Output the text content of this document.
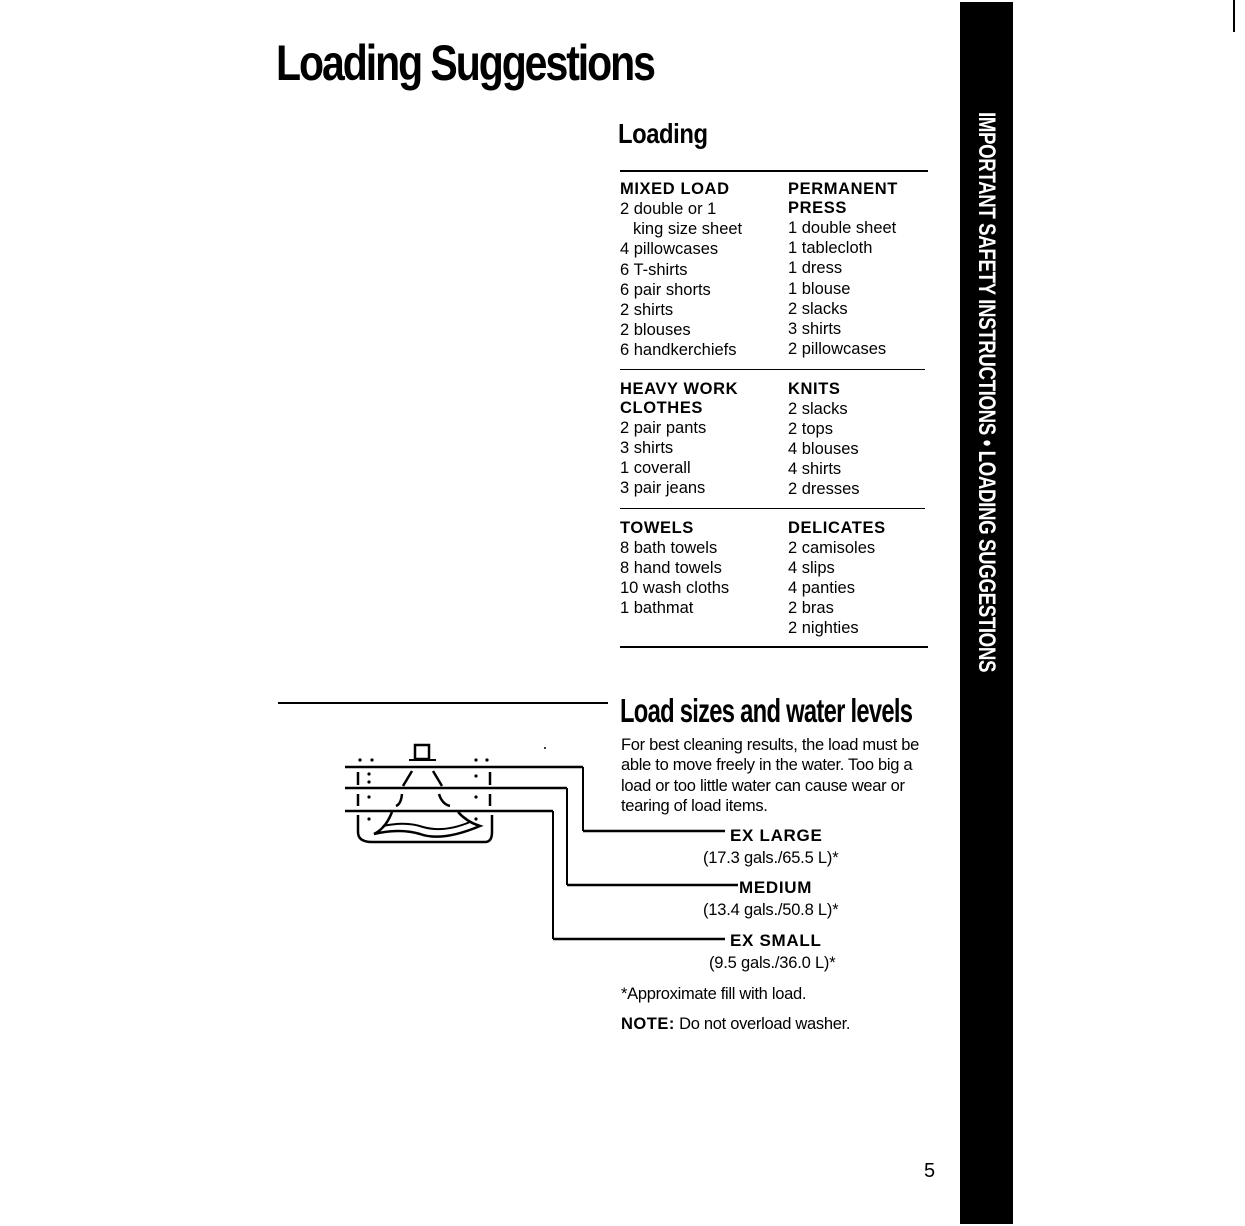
Loading Suggestions
Loading
MIXED LOAD
2 double or 1
king size sheet
4 pillowcases
6 T-shirts
6 pair shorts
2 shirts
2 blouses
6 handkerchiefs
PERMANENT
PRESS
1 double sheet
1 tablecloth
1 dress
1 blouse
2 slacks
3 shirts
2 pillowcases
HEAVY WORK
CLOTHES
2 pair pants
3 shirts
1 coverall
3 pair jeans
KNITS
2 slacks
2 tops
4 blouses
4 shirts
2 dresses
TOWELS
8 bath towels
8 hand towels
10 wash cloths
1 bathmat
DELICATES
2 camisoles
4 slips
4 panties
2 bras
2 nighties
Load sizes and water levels
For best cleaning results, the load must be able to move freely in the water. Too big a load or too little water can cause wear or tearing of load items.
EX LARGE
(17.3 gals./65.5 L)*
MEDIUM
(13.4 gals./50.8 L)*
EX SMALL
(9.5 gals./36.0 L)*
*Approximate fill with load.
NOTE: Do not overload washer.
5
IMPORTANT SAFETY INSTRUCTIONS • LOADING SUGGESTIONS
